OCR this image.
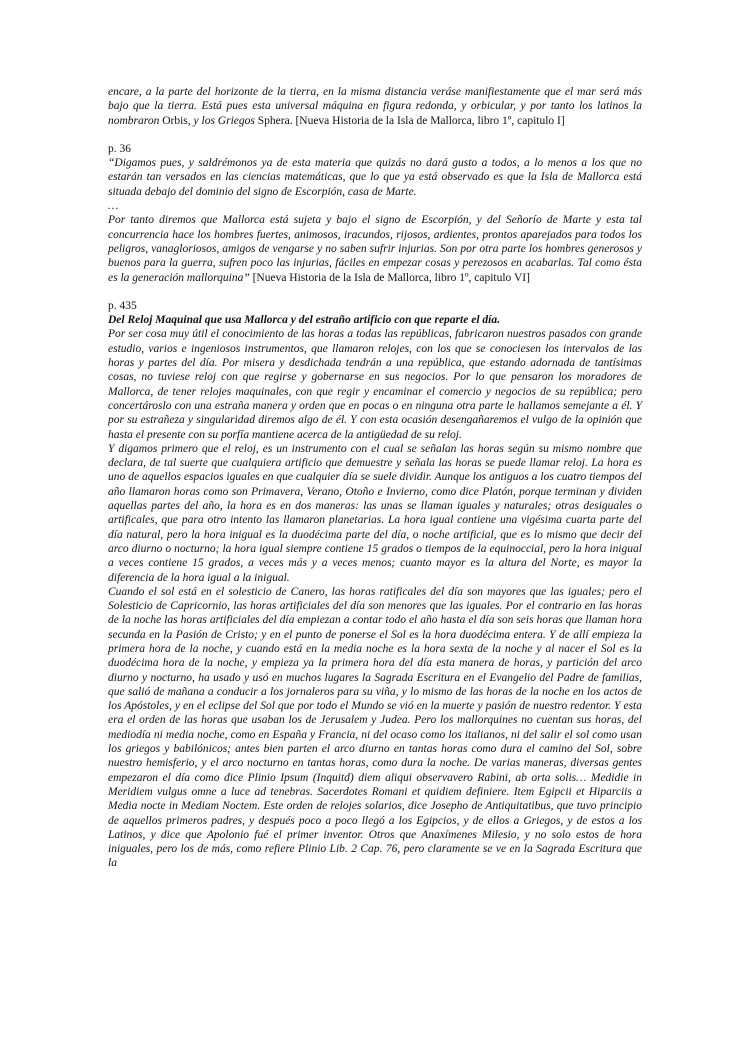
encare, a la parte del horizonte de la tierra, en la misma distancia veráse manifiestamente que el mar será más bajo que la tierra. Está pues esta universal máquina en figura redonda, y orbicular, y por tanto los latinos la nombraron Orbis, y los Griegos Sphera. [Nueva Historia de la Isla de Mallorca, libro 1º, capitulo I]

p. 36

“Digamos pues, y saldrémonos ya de esta materia que quizás no dará gusto a todos, a lo menos a los que no estarán tan versados en las ciencias matemáticas, que lo que ya está observado es que la Isla de Mallorca está situada debajo del dominio del signo de Escorpión, casa de Marte.

…

Por tanto diremos que Mallorca está sujeta y bajo el signo de Escorpión, y del Señorío de Marte y esta tal concurrencia hace los hombres fuertes, animosos, iracundos, rijosos, ardientes, prontos aparejados para todos los peligros, vanagloriosos, amigos de vengarse y no saben sufrir injurias. Son por otra parte los hombres generosos y buenos para la guerra, sufren poco las injurias, fáciles en empezar cosas y perezosos en acabarlas. Tal como ésta es la generación mallorquina” [Nueva Historia de la Isla de Mallorca, libro 1º, capitulo VI]

p. 435

Del Reloj Maquinal que usa Mallorca y del estraño artificio con que reparte el día.

Por ser cosa muy útil el conocimiento de las horas a todas las repúblicas, fabricaron nuestros pasados con grande estudio, varios e ingeniosos instrumentos, que llamaron relojes, con los que se conociesen los intervalos de las horas y partes del día. Por misera y desdichada tendrán a una república, que estando adornada de tantísimas cosas, no tuviese reloj con que regirse y gobernarse en sus negocios. Por lo que pensaron los moradores de Mallorca, de tener relojes maquinales, con que regir y encaminar el comercio y negocios de su república; pero concertároslo con una estraña manera y orden que en pocas o en ninguna otra parte le hallamos semejante a él. Y por su estrañeza y singularidad diremos algo de él. Y con esta ocasión desengañaremos el vulgo de la opinión que hasta el presente con su porfía mantiene acerca de la antigüedad de su reloj.

Y digamos primero que el reloj, es un instrumento con el cual se señalan las horas según su mismo nombre que declara, de tal suerte que cualquiera artificio que demuestre y señala las horas se puede llamar reloj. La hora es uno de aquellos espacios iguales en que cualquier día se suele dividir. Aunque los antiguos a los cuatro tiempos del año llamaron horas como son Primavera, Verano, Otoño e Invierno, como dice Platón, porque terminan y dividen aquellas partes del año, la hora es en dos maneras: las unas se llaman iguales y naturales; otras desiguales o artificales, que para otro intento las llamaron planetarias. La hora igual contiene una vigésima cuarta parte del día natural, pero la hora inigual es la duodécima parte del día, o noche artificial, que es lo mismo que decir del arco diurno o nocturno; la hora igual siempre contiene 15 grados o tiempos de la equinoccial, pero la hora inigual a veces contiene 15 grados, a veces más y a veces menos; cuanto mayor es la altura del Norte, es mayor la diferencia de la hora igual a la inigual.

Cuando el sol está en el solesticio de Canero, las horas ratificales del día son mayores que las iguales; pero el Solesticio de Capricornio, las horas artificiales del día son menores que las iguales. Por el contrario en las horas de la noche las horas artificiales del día empiezan a contar todo el año hasta el día son seis horas que llaman hora secunda en la Pasión de Cristo; y en el punto de ponerse el Sol es la hora duodécima entera. Y de allí empieza la primera hora de la noche, y cuando está en la media noche es la hora sexta de la noche y al nacer el Sol es la duodécima hora de la noche, y empieza ya la primera hora del día esta manera de horas, y partición del arco diurno y nocturno, ha usado y usó en muchos lugares la Sagrada Escritura en el Evangelio del Padre de familias, que salió de mañana a conducir a los jornaleros para su viña, y lo mismo de las horas de la noche en los actos de los Apóstoles, y en el eclipse del Sol que por todo el Mundo se vió en la muerte y pasión de nuestro redentor. Y esta era el orden de las horas que usaban los de Jerusalem y Judea. Pero los mallorquines no cuentan sus horas, del mediodía ni media noche, como en España y Francia, ni del ocaso como los italianos, ni del salir el sol como usan los griegos y babilónicos; antes bien parten el arco diurno en tantas horas como dura el camino del Sol, sobre nuestro hemisferio, y el arco nocturno en tantas horas, como dura la noche. De varias maneras, diversas gentes empezaron el día como dice Plinio Ipsum (Inquitd) diem aliqui observavero Rabini, ab orta solis… Medidie in Meridiem vulgus omne a luce ad tenebras. Sacerdotes Romani et quidiem definiere. Item Egipcii et Hiparciis a Media nocte in Mediam Noctem. Este orden de relojes solarios, dice Josepho de Antiquitatibus, que tuvo principio de aquellos primeros padres, y después poco a poco llegó a los Egipcios, y de ellos a Griegos, y de estos a los Latinos, y dice que Apolonio fué el primer inventor. Otros que Anaxímenes Milesio, y no solo estos de hora iniguales, pero los de más, como refiere Plinio Lib. 2 Cap. 76, pero claramente se ve en la Sagrada Escritura que la
